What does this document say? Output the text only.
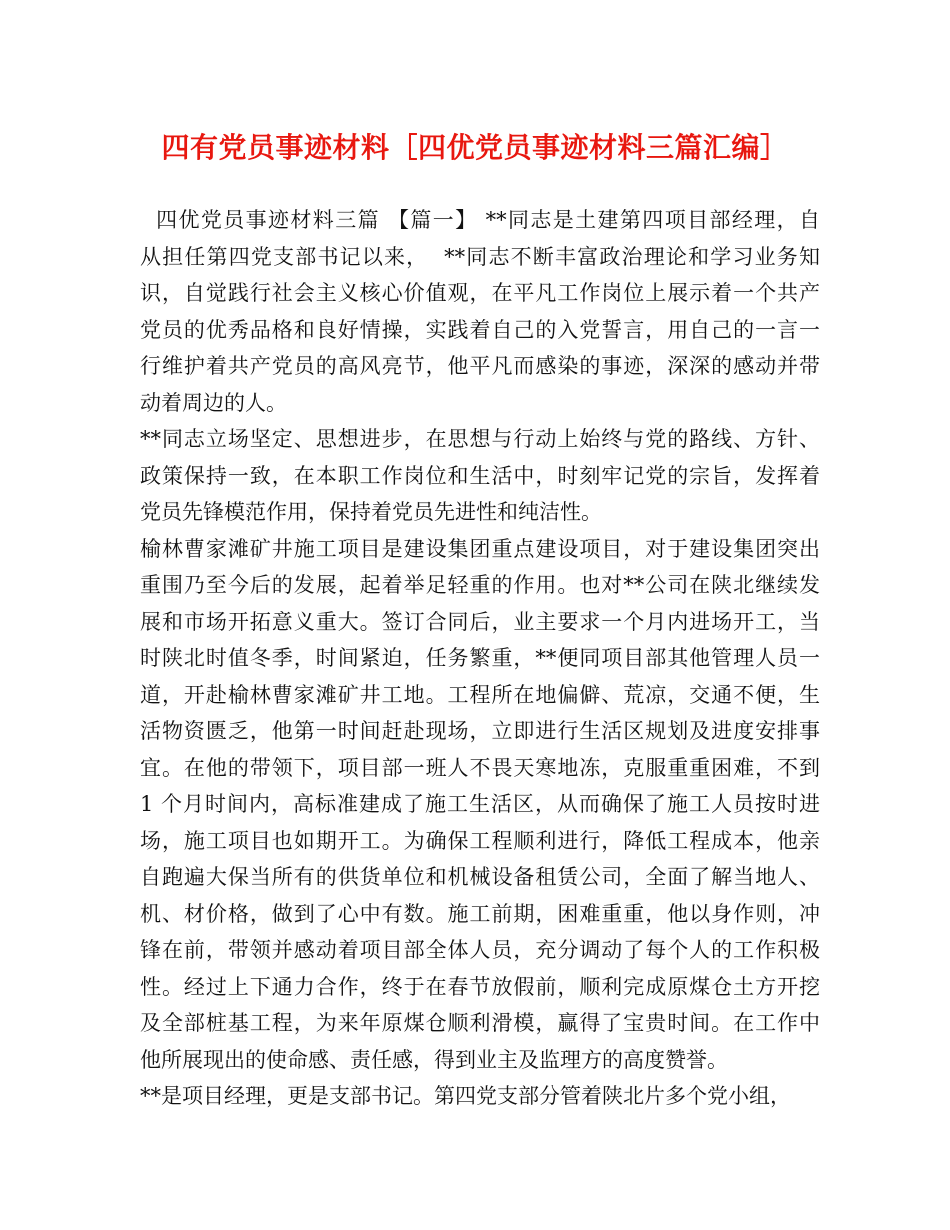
四有党员事迹材料［四优党员事迹材料三篇汇编］
四优党员事迹材料三篇 【篇一】 **同志是土建第四项目部经理，自
从担任第四党支部书记以来，  **同志不断丰富政治理论和学习业务知
识，自觉践行社会主义核心价值观，在平凡工作岗位上展示着一个共产
党员的优秀品格和良好情操，实践着自己的入党誓言，用自己的一言一
行维护着共产党员的高风亮节，他平凡而感染的事迹，深深的感动并带
动着周边的人。
**同志立场坚定、思想进步，在思想与行动上始终与党的路线、方针、
政策保持一致，在本职工作岗位和生活中，时刻牢记党的宗旨，发挥着
党员先锋模范作用，保持着党员先进性和纯洁性。
榆林曹家滩矿井施工项目是建设集团重点建设项目，对于建设集团突出
重围乃至今后的发展，起着举足轻重的作用。也对**公司在陕北继续发
展和市场开拓意义重大。签订合同后，业主要求一个月内进场开工，当
时陕北时值冬季，时间紧迫，任务繁重，**便同项目部其他管理人员一
道，开赴榆林曹家滩矿井工地。工程所在地偏僻、荒凉，交通不便，生
活物资匮乏，他第一时间赶赴现场，立即进行生活区规划及进度安排事
宜。在他的带领下，项目部一班人不畏天寒地冻，克服重重困难，不到
1 个月时间内，高标准建成了施工生活区，从而确保了施工人员按时进
场，施工项目也如期开工。为确保工程顺利进行，降低工程成本，他亲
自跑遍大保当所有的供货单位和机械设备租赁公司，全面了解当地人、
机、材价格，做到了心中有数。施工前期，困难重重，他以身作则，冲
锋在前，带领并感动着项目部全体人员，充分调动了每个人的工作积极
性。经过上下通力合作，终于在春节放假前，顺利完成原煤仓土方开挖
及全部桩基工程，为来年原煤仓顺利滑模，赢得了宝贵时间。在工作中
他所展现出的使命感、责任感，得到业主及监理方的高度赞誉。
**是项目经理，更是支部书记。第四党支部分管着陕北片多个党小组，
